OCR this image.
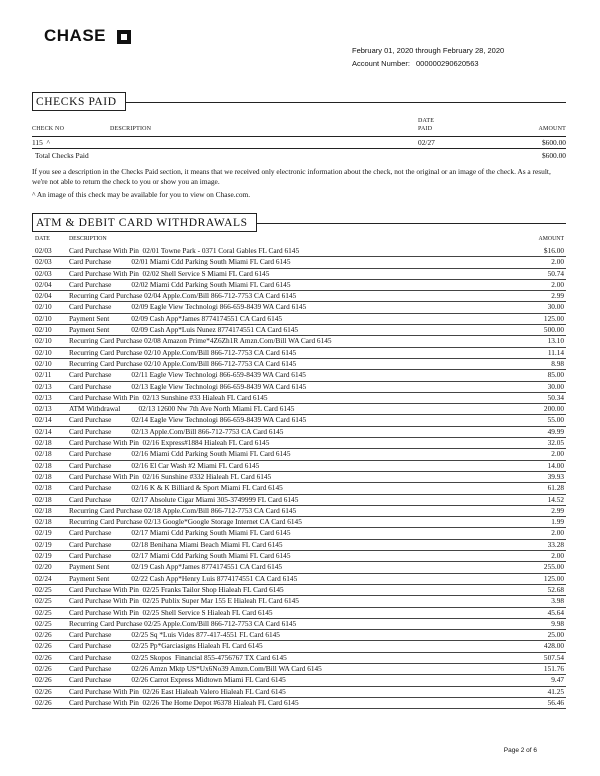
CHASE
February 01, 2020 through February 28, 2020
Account Number: 000000290620563
CHECKS PAID
CHECK NO	DESCRIPTION
DATE
PAID	AMOUNT
115 ^	02/27	$600.00
Total Checks Paid	$600.00
If you see a description in the Checks Paid section, it means that we received only electronic information about the check, not the original or an image of the check. As a result, we're not able to return the check to you or show you an image.
^ An image of this check may be available for you to view on Chase.com.
ATM & DEBIT CARD WITHDRAWALS
DATE	DESCRIPTION	AMOUNT
02/03 Card Purchase With Pin  02/01 Towne Park - 0371 Coral Gables FL Card 6145	$16.00
02/03 Card Purchase           02/01 Miami Cdd Parking South Miami FL Card 6145	2.00
02/03 Card Purchase With Pin  02/02 Shell Service S Miami FL Card 6145	50.74
02/04 Card Purchase           02/02 Miami Cdd Parking South Miami FL Card 6145	2.00
02/04 Recurring Card Purchase 02/04 Apple.Com/Bill 866-712-7753 CA Card 6145	2.99
02/10 Card Purchase           02/09 Eagle View Technologi 866-659-8439 WA Card 6145	30.00
02/10 Payment Sent            02/09 Cash App*James 8774174551 CA Card 6145	125.00
02/10 Payment Sent            02/09 Cash App*Luis Nunez 8774174551 CA Card 6145	500.00
02/10 Recurring Card Purchase 02/08 Amazon Prime*4Z6Zh1R Amzn.Com/Bill WA Card 6145	13.10
02/10 Recurring Card Purchase 02/10 Apple.Com/Bill 866-712-7753 CA Card 6145	11.14
02/10 Recurring Card Purchase 02/10 Apple.Com/Bill 866-712-7753 CA Card 6145	8.98
02/11 Card Purchase           02/11 Eagle View Technologi 866-659-8439 WA Card 6145	85.00
02/13 Card Purchase           02/13 Eagle View Technologi 866-659-8439 WA Card 6145	30.00
02/13 Card Purchase With Pin  02/13 Sunshine #33 Hialeah FL Card 6145	50.34
02/13 ATM Withdrawal          02/13 12600 Nw 7th Ave North Miami FL Card 6145	200.00
02/14 Card Purchase           02/14 Eagle View Technologi 866-659-8439 WA Card 6145	55.00
02/14 Card Purchase           02/13 Apple.Com/Bill 866-712-7753 CA Card 6145	49.99
02/18 Card Purchase With Pin  02/16 Express#1884 Hialeah FL Card 6145	32.05
02/18 Card Purchase           02/16 Miami Cdd Parking South Miami FL Card 6145	2.00
02/18 Card Purchase           02/16 El Car Wash #2 Miami FL Card 6145	14.00
02/18 Card Purchase With Pin  02/16 Sunshine #332 Hialeah FL Card 6145	39.93
02/18 Card Purchase           02/16 K & K Billiard & Sport Miami FL Card 6145	61.28
02/18 Card Purchase           02/17 Absolute Cigar Miami 305-3749999 FL Card 6145	14.52
02/18 Recurring Card Purchase 02/18 Apple.Com/Bill 866-712-7753 CA Card 6145	2.99
02/18 Recurring Card Purchase 02/13 Google*Google Storage Internet CA Card 6145	1.99
02/19 Card Purchase           02/17 Miami Cdd Parking South Miami FL Card 6145	2.00
02/19 Card Purchase           02/18 Benihana Miami Beach Miami FL Card 6145	33.28
02/19 Card Purchase           02/17 Miami Cdd Parking South Miami FL Card 6145	2.00
02/20 Payment Sent            02/19 Cash App*James 8774174551 CA Card 6145	255.00
02/24 Payment Sent            02/22 Cash App*Henry Luis 8774174551 CA Card 6145	125.00
02/25 Card Purchase With Pin  02/25 Franks Tailor Shop Hialeah FL Card 6145	52.68
02/25 Card Purchase With Pin  02/25 Publix Super Mar 155 E Hialeah FL Card 6145	3.98
02/25 Card Purchase With Pin  02/25 Shell Service S Hialeah FL Card 6145	45.64
02/25 Recurring Card Purchase 02/25 Apple.Com/Bill 866-712-7753 CA Card 6145	9.98
02/26 Card Purchase           02/25 Sq *Luis Vides 877-417-4551 FL Card 6145	25.00
02/26 Card Purchase           02/25 Pp*Garciasigns Hialeah FL Card 6145	428.00
02/26 Card Purchase           02/25 Skopos  Financial 855-4756767 TX Card 6145	507.54
02/26 Card Purchase           02/26 Amzn Mktp US*Ux6No39 Amzn.Com/Bill WA Card 6145	151.76
02/26 Card Purchase           02/26 Carrot Express Midtown Miami FL Card 6145	9.47
02/26 Card Purchase With Pin  02/26 East Hialeah Valero Hialeah FL Card 6145	41.25
02/26 Card Purchase With Pin  02/26 The Home Depot #6378 Hialeah FL Card 6145	56.46
Page 2 of 6
